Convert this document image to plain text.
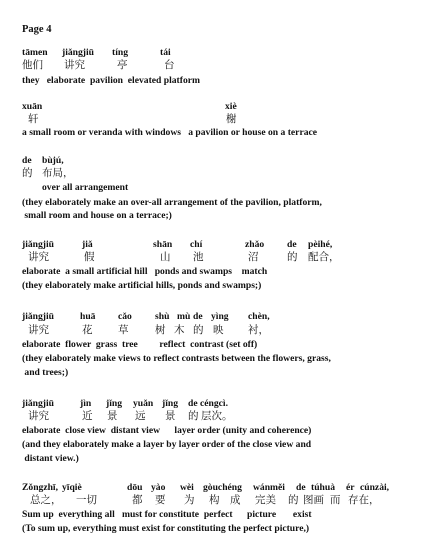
Page 4
tāmen jiǎngjiū tíng	tái
他们 讲究	亭	台
they   elaborate  pavilion  elevated platform
xuān	xiè
轩	榭
a small room or veranda with windows   a pavilion or house on a terrace
de bùjú,
的 布局，
over all arrangement
(they elaborately make an over-all arrangement of the pavilion, platform,
small room and house on a terrace;)
jiǎngjiū	jiǎ	shān chí	zhǎo de pèihé,
讲究	假	山 池	沼	的 配合，
elaborate  a small artificial hill   ponds and swamps    match
(they elaborately make artificial hills, ponds and swamps;)
jiǎngjiū	huā cǎo shù mù de yìng chèn,
讲究	花 草	树 木 的 映 衬，
elaborate  flower  grass  tree         reflect  contrast (set off)
(they elaborately make views to reflect contrasts between the flowers, grass,
and trees;)
jiǎngjiū	jìn jǐng yuǎn jǐng de céngcì.
讲究	近 景 远 景 的 层次。
elaborate  close view  distant view      layer order (unity and coherence)
(and they elaborately make a layer by layer order of the close view and
distant view.)
Zǒngzhī, yīqiè	dōu yào wèi gòuchéng wánměi de túhuà ér cúnzài,
总之， 一切	都 要 为 构 成 完美 的 图画 而 存在，
Sum up  everything all   must for constitute  perfect      picture       exist
(To sum up, everything must exist for constituting the perfect picture,)
